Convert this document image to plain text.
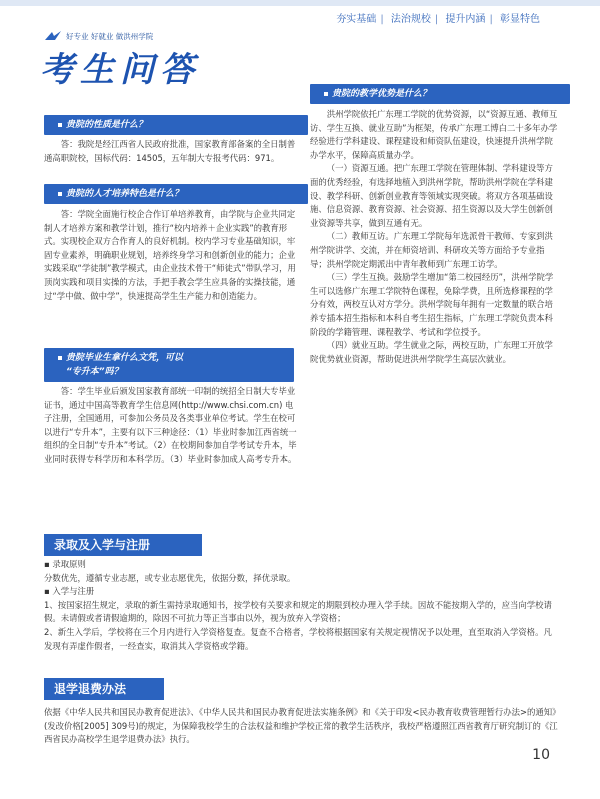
夯实基础 | 法治规校 | 提升内涵 | 彰显特色
好专业 好就业 做洪州学院
考生问答
贵院的性质是什么？

答：我院是经江西省人民政府批准，国家教育部备案的全日制普通高职院校，国标代码：14505，五年制大专报考代码：971。

贵院的人才培养特色是什么？

答：学院全面施行校企合作订单培养教育，由学院与企业共同定制人才培养方案和教学计划，推行“校内培养＋企业实践”的教育形式。实现校企双方合作育人的良好机制。校内学习专业基础知识，牢固专业素养，明确职业规划，培养终身学习和创新创业的能力；企业实践采取“学徒制”教学模式，由企业技术骨干“师徒式”带队学习，用顶岗实践和项目实操的方法，手把手教会学生应具备的实操技能，通过“学中做、做中学”，快速提高学生生产能力和创造能力。

贵院毕业生拿什么文凭，可以
“专升本”吗？

答：学生毕业后颁发国家教育部统一印制的统招全日制大专毕业证书，通过中国高等教育学生信息网(http://www.chsi.com.cn) 电子注册，全国通用，可参加公务员及各类事业单位考试。学生在校可以进行“专升本”，主要有以下三种途径：（1）毕业时参加江西省统一组织的全日制“专升本”考试。（2）在校期间参加自学考试专升本，毕业同时获得专科学历和本科学历。（3）毕业时参加成人高考专升本。

贵院的教学优势是什么？

洪州学院依托广东理工学院的优势资源，以“资源互通、教师互访、学生互换、就业互助”为框架，传承广东理工博白二十多年办学经验进行学科建设、课程建设和师资队伍建设，快速提升洪州学院办学水平，保障高质量办学。

（一）资源互通。把广东理工学院在管理体制、学科建设等方面的优秀经验，有选择地植入到洪州学院，帮助洪州学院在学科建设、教学科研、创新创业教育等领域实现突破。将双方各项基础设施、信息资源、教育资源、社会资源、招生资源以及大学生创新创业资源等共享，做到互通有无。

（二）教师互访。广东理工学院每年选派骨干教师、专家到洪州学院讲学、交流，并在师资培训、科研攻关等方面给予专业指导；洪州学院定期派出中青年教师到广东理工访学。

（三）学生互换。鼓励学生增加“第二校园经历”，洪州学院学生可以选修广东理工学院特色课程，免除学费，且所选修课程的学分有效，两校互认对方学分。洪州学院每年拥有一定数量的联合培养专插本招生指标和本科自考生招生指标，广东理工学院负责本科阶段的学籍管理、课程教学、考试和学位授予。

（四）就业互助。学生就业之际，两校互助，广东理工开放学院优势就业资源，帮助促进洪州学院学生高层次就业。

录取及入学与注册

▪ 录取原则

分数优先，遵循专业志愿，或专业志愿优先，依据分数，择优录取。

▪ 入学与注册

1、按国家招生规定，录取的新生需持录取通知书，按学校有关要求和规定的期限到校办理入学手续。因故不能按期入学的，应当向学校请假。未请假或者请假逾期的，除因不可抗力等正当事由以外，视为放弃入学资格；

2、新生入学后，学校将在三个月内进行入学资格复查。复查不合格者，学校将根据国家有关规定视情况予以处理，直至取消入学资格。凡发现有弄虚作假者，一经查实，取消其入学资格或学籍。

退学退费办法

依据《中华人民共和国民办教育促进法》、《中华人民共和国民办教育促进法实施条例》和《关于印发<民办教育收费管理暂行办法>的通知》(发改价格[2005] 309号)的规定，为保障我校学生的合法权益和维护学校正常的教学生活秩序，我校严格遵照江西省教育厅研究制订的《江西省民办高校学生退学退费办法》执行。

10
